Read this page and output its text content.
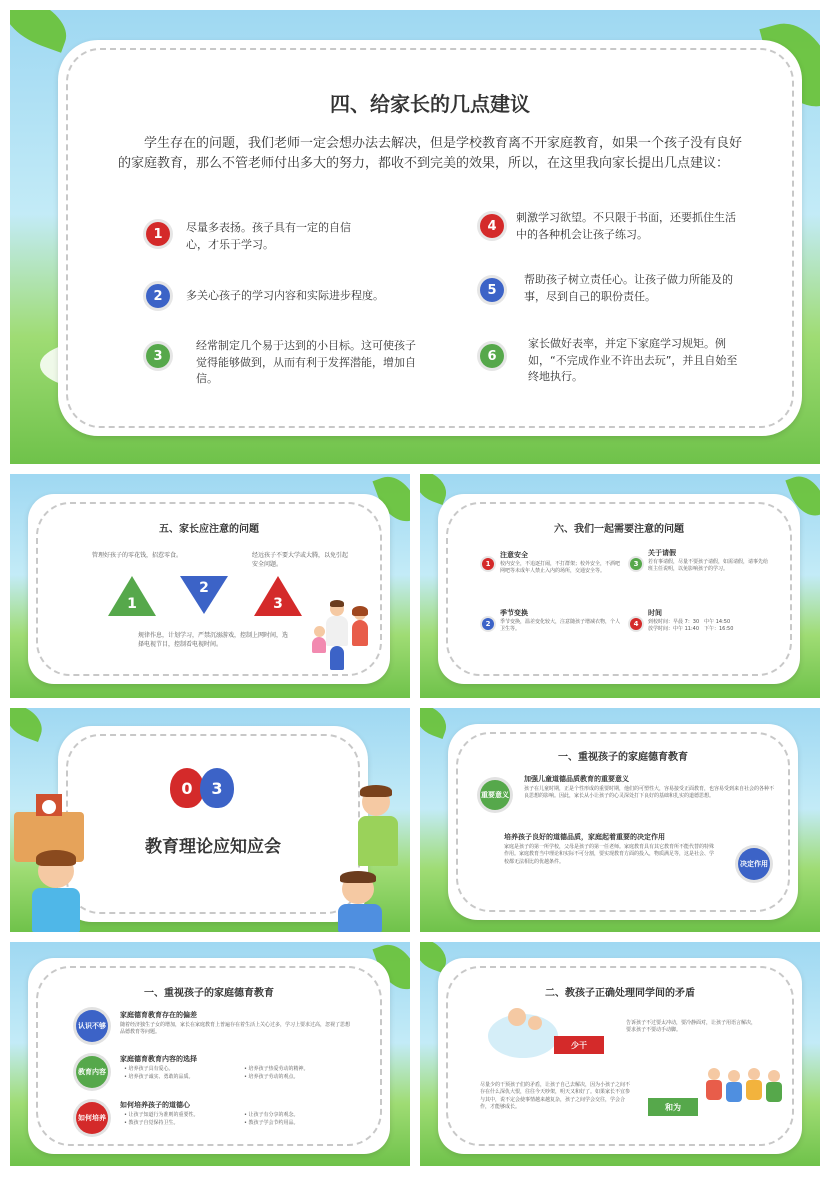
四、给家长的几点建议
学生存在的问题，我们老师一定会想办法去解决，但是学校教育离不开家庭教育，如果一个孩子没有良好的家庭教育，那么不管老师付出多大的努力，都收不到完美的效果，所以，在这里我向家长提出几点建议：
1	尽量多表扬。孩子具有一定的自信心，才乐于学习。
2	多关心孩子的学习内容和实际进步程度。
3
经常制定几个易于达到的小目标。这可使孩子觉得能够做到，从而有利于发挥潜能，增加自信。
4
刺激学习欲望。不只限于书面，还要抓住生活中的各种机会让孩子练习。
5
帮助孩子树立责任心。让孩子做力所能及的事，尽到自己的职份责任。
6
家长做好表率，并定下家庭学习规矩。例如，“不完成作业不许出去玩”，并且自始至终地执行。
五、家长应注意的问题
管理好孩子的零花钱，招惹零食。	经远孩子不要大学或大腾，以免引起安全问题。
1
2
3
规律作息，计划学习，严禁沉溺游戏，控制上网时间，选择电视节目，控制看电视时间。
六、我们一起需要注意的问题
1
注意安全
校内安全，不追逐打闹，不打群架；校外安全，不酒吧网吧等未成年人禁止入内的场所，交通安全等。
2
季节变换
季节变换，温差变化较大，注意随孩子增减衣物，个人卫生等。
3
关于请假
若有事请假，尽量不要孩子请假，如需请假，请事先给班主任说明，以免影响孩子的学习。
4
时间
到校时间：早晨 7：30　中午 14:50
放学时间：中午 11:40　下午：16:50
0	3
教育理论应知应会
一、重视孩子的家庭德育教育
重要意义
加强儿童道德品质教育的重要意义
孩子在儿童时期，正是个性形成的重要时期，他们的可塑性大，容易接受正面教育，也容易受到来自社会的各种不良思想的影响。因此，家长从小让孩子的心灵深处打下良好的基础和扎实的道德思想。
培养孩子良好的道德品质，家庭起着重要的决定作用
家庭是孩子的第一所学校，父母是孩子的第一任老师。家庭教育具有其它教育所不能代替的特殊作用。家庭教育当中理论和实际不可分割，要实现教育方面的投入，物质满足等，这是社会、学校都无法相比的优越条件。	决定作用
一、重视孩子的家庭德育教育
认识不够
家庭德育教育存在的偏差
随着经济独生子女的增加，家长在家庭教育上普遍存在着生活上关心过多，学习上要求过高，忽视了思想品德教育等问题。
教育内容
家庭德育教育内容的选择
• 培养孩子具有爱心。
• 培养孩子诚实、勇敢的品质。
• 培养孩子热爱劳动的精神。
• 培养孩子劳动的观点。
如何培养
如何培养孩子的道德心
• 让孩子知道行为准则的重要性。
• 教孩子自觉保持卫生。
• 让孩子有分享的观念。
• 教孩子学会节约用品。
二、教孩子正确处理同学间的矛盾
少干
告诉孩子不过要太冲动，要冷静面对，让孩子用语言解决，要求孩子不要动手动脚。
尽量少的干预孩子们的矛盾，让孩子自己去解决，因为小孩子之间不存在什么深仇大恨，往往今天吵架，明天又和好了。如果家长不宜参与其中，说不定会使事情越来越复杂，孩子之间学会交往，学会合作，才能够成长。	和为
